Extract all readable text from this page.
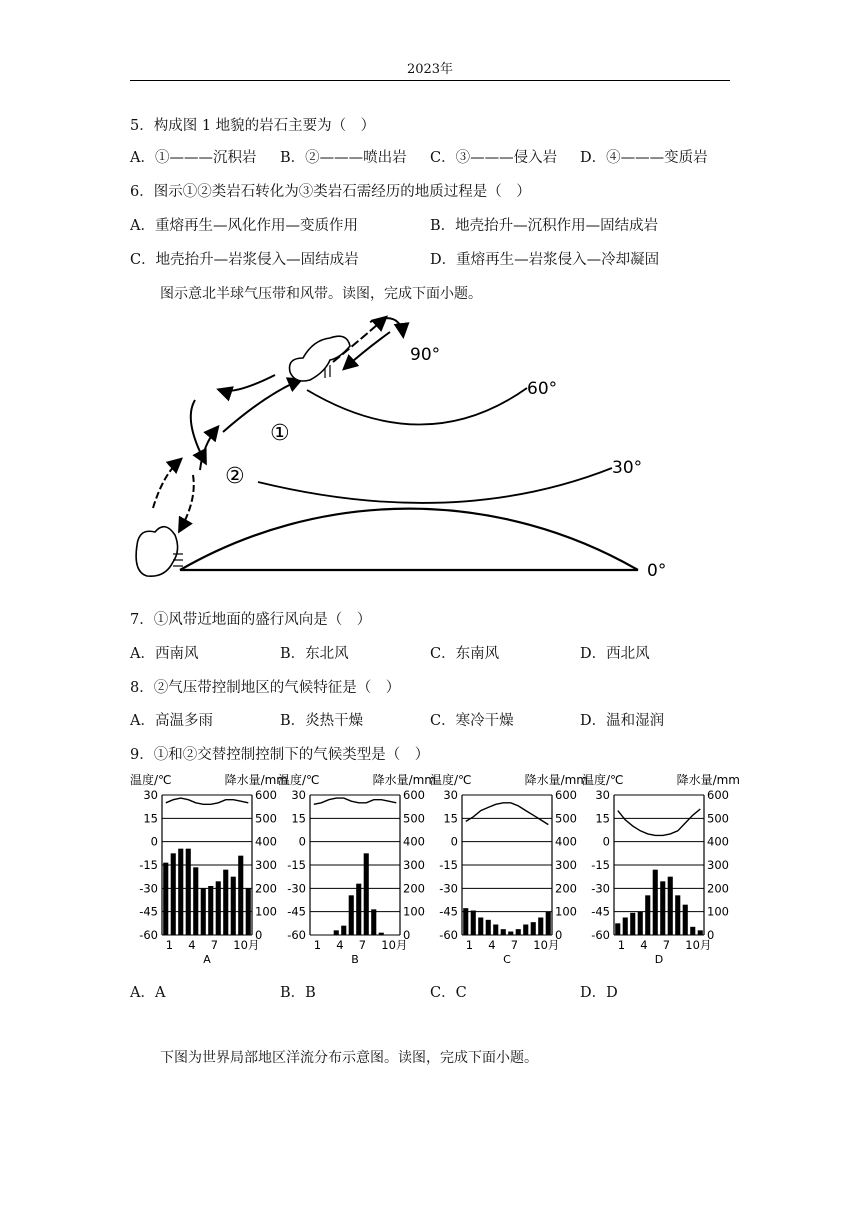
2023年
5．构成图 1 地貌的岩石主要为（　）
A．①———沉积岩 B．②———喷出岩 C．③———侵入岩 D．④———变质岩
6．图示①②类岩石转化为③类岩石需经历的地质过程是（　）
A．重熔再生—风化作用—变质作用	B．地壳抬升—沉积作用—固结成岩
C．地壳抬升—岩浆侵入—固结成岩	D．重熔再生—岩浆侵入—冷却凝固
图示意北半球气压带和风带。读图，完成下面小题。
90°
60°
30°
0°
①
②
7．①风带近地面的盛行风向是（　）
A．西南风	B．东北风	C．东南风	D．西北风
8．②气压带控制地区的气候特征是（　）
A．高温多雨	B．炎热干燥	C．寒冷干燥	D．温和湿润
9．①和②交替控制控制下的气候类型是（　）
温度/℃	降水量/mm
30	600
15	500
0	400
-15	300
-30	200
-45	100
-60	0
1 4 7 10月
A
温度/℃	降水量/mm
30	600
15	500
0	400
-15	300
-30	200
-45	100
-60	0
1 4 7 10月
B
温度/℃	降水量/mm
30	600
15	500
0	400
-15	300
-30	200
-45	100
-60	0
1 4 7 10月
C
温度/℃	降水量/mm
30	600
15	500
0	400
-15	300
-30	200
-45	100
-60	0
1 4 7 10月
D
A．A	B．B	C．C	D．D
下图为世界局部地区洋流分布示意图。读图，完成下面小题。
